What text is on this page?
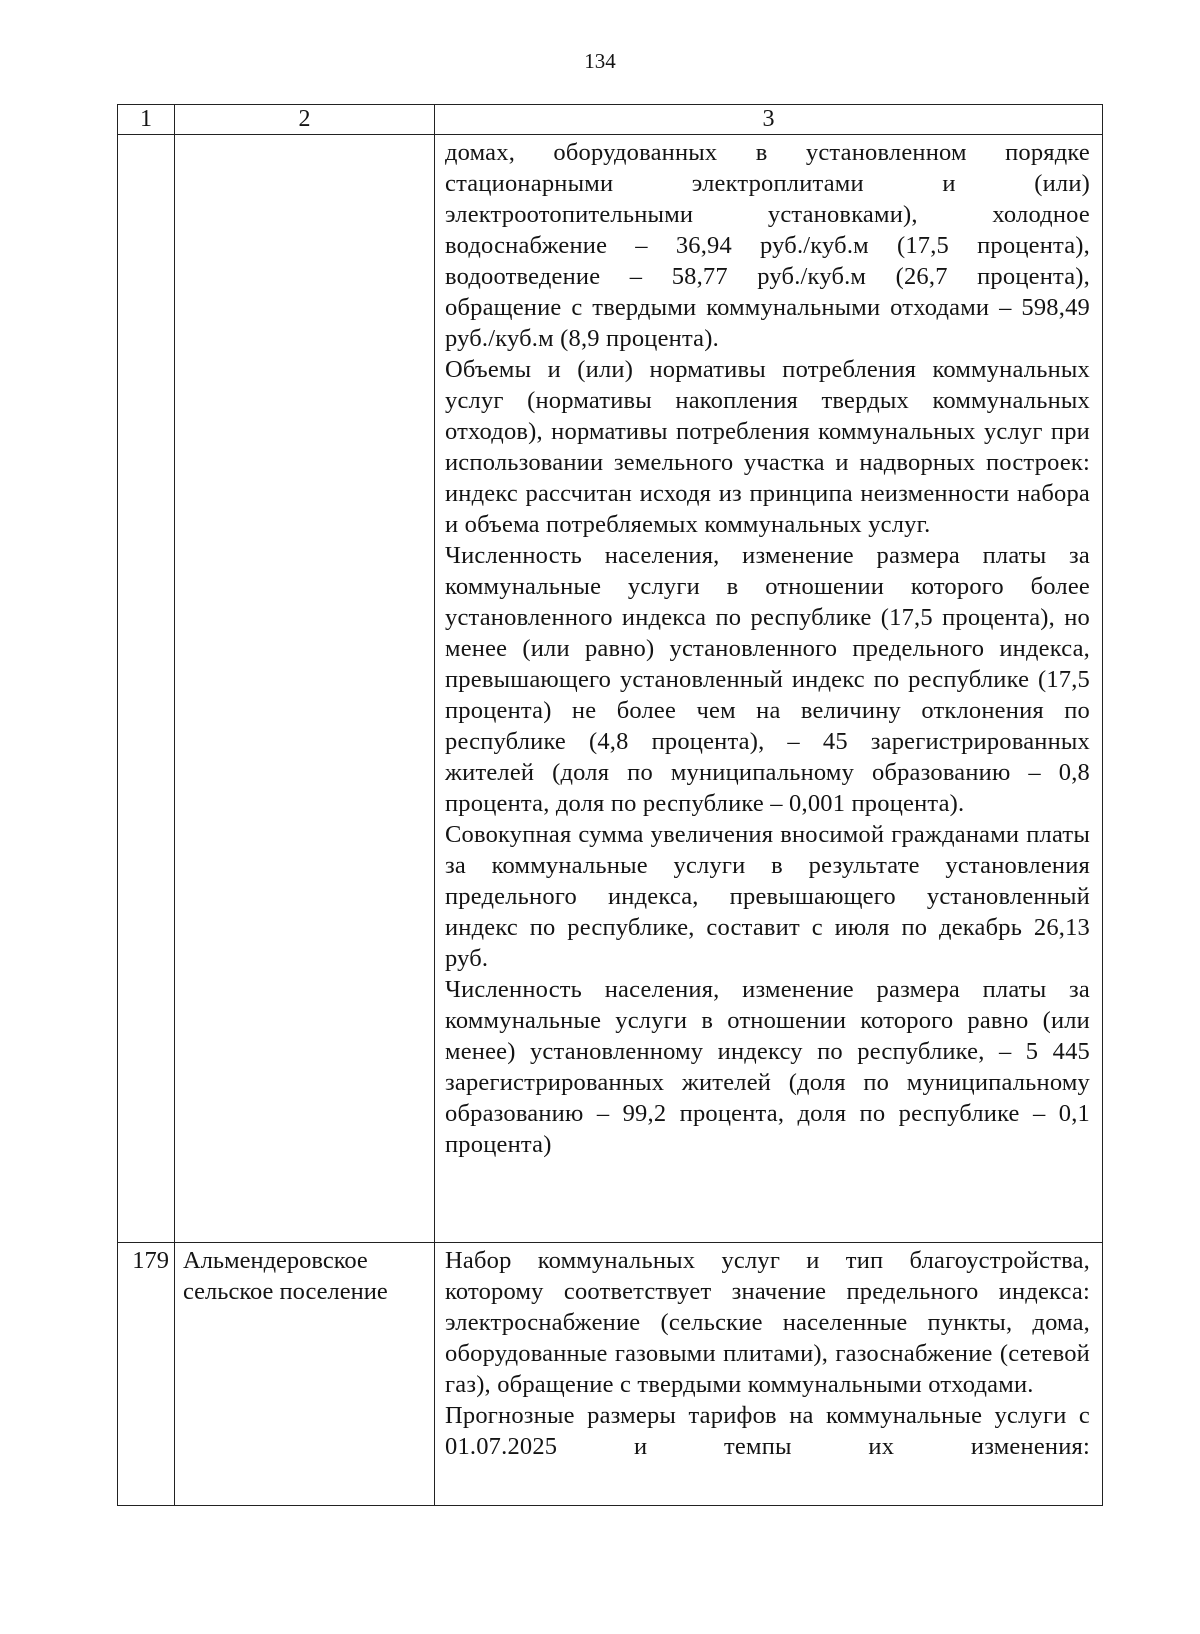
134
1	2	3

		домах, оборудованных в установленном порядке стационарными электроплитами и (или) электроотопительными установками), холодное водоснабжение – 36,94 руб./куб.м (17,5 процента), водоотведение – 58,77 руб./куб.м (26,7 процента), обращение с твердыми коммунальными отходами – 598,49 руб./куб.м (8,9 процента).

Объемы и (или) нормативы потребления коммунальных услуг (нормативы накопления твердых коммунальных отходов), нормативы потребления коммунальных услуг при использовании земельного участка и надворных построек: индекс рассчитан исходя из принципа неизменности набора и объема потребляемых коммунальных услуг.

Численность населения, изменение размера платы за коммунальные услуги в отношении которого более установленного индекса по республике (17,5 процента), но менее (или равно) установленного предельного индекса, превышающего установленный индекс по республике (17,5 процента) не более чем на величину отклонения по республике (4,8 процента), – 45 зарегистрированных жителей (доля по муниципальному образованию – 0,8 процента, доля по республике – 0,001 процента).

Совокупная сумма увеличения вносимой гражданами платы за коммунальные услуги в результате установления предельного индекса, превышающего установленный индекс по республике, составит с июля по декабрь 26,13 руб.

Численность населения, изменение размера платы за коммунальные услуги в отношении которого равно (или менее) установленному индексу по республике, – 5 445 зарегистрированных жителей (доля по муниципальному образованию – 99,2 процента, доля по республике – 0,1 процента)

179	Альмендеровское сельское поселение	Набор коммунальных услуг и тип благоустройства, которому соответствует значение предельного индекса: электроснабжение (сельские населенные пункты, дома, оборудованные газовыми плитами), газоснабжение (сетевой газ), обращение с твердыми коммунальными отходами.

Прогнозные размеры тарифов на коммунальные услуги с 01.07.2025 и темпы их изменения:
